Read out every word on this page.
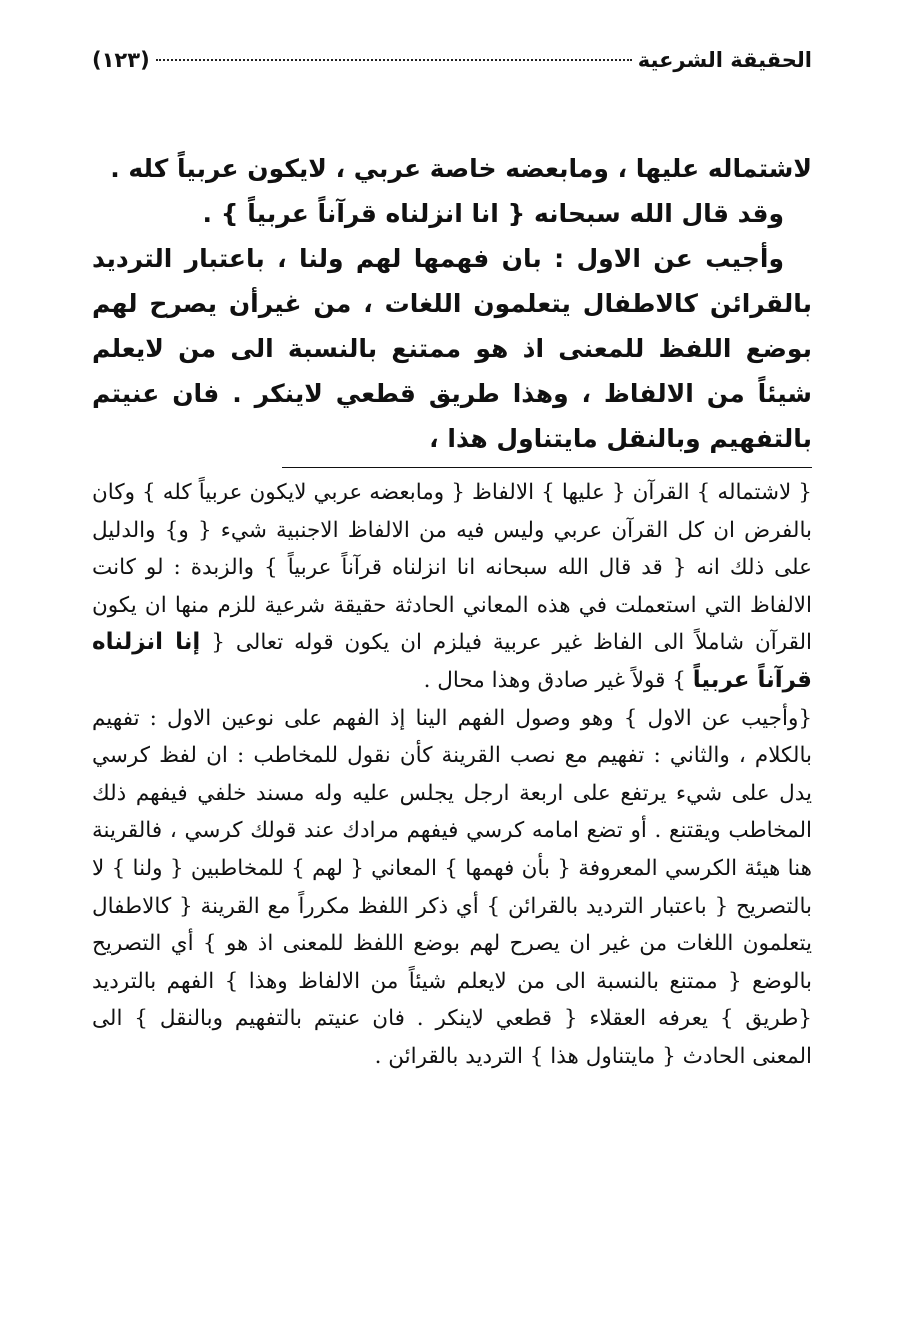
الحقيقة الشرعية
(١٢٣)

لاشتماله عليها ، ومابعضه خاصة عربي ، لايكون عربياً كله .

وقد قال الله سبحانه { انا انزلناه قرآناً عربياً } .

وأجيب عن الاول : بان فهمها لهم ولنا ، باعتبار الترديد بالقرائن كالاطفال يتعلمون اللغات ، من غيرأن يصرح لهم بوضع اللفظ للمعنى اذ هو ممتنع بالنسبة الى من لايعلم شيئاً من الالفاظ ، وهذا طريق قطعي لاينكر . فان عنيتم بالتفهيم وبالنقل مايتناول هذا ،

{ لاشتماله } القرآن { عليها } الالفاظ { ومابعضه عربي لايكون عربياً كله } وكان بالفرض ان كل القرآن عربي وليس فيه من الالفاظ الاجنبية شيء { و} والدليل على ذلك انه { قد قال الله سبحانه انا انزلناه قرآناً عربياً } والزبدة : لو كانت الالفاظ التي استعملت في هذه المعاني الحادثة حقيقة شرعية للزم منها ان يكون القرآن شاملاً الى الفاظ غير عربية فيلزم ان يكون قوله تعالى { إنا انزلناه قرآناً عربياً } قولاً غير صادق وهذا محال .

{وأجيب عن الاول } وهو وصول الفهم الينا إذ الفهم على نوعين الاول : تفهيم بالكلام ، والثاني : تفهيم مع نصب القرينة كأن نقول للمخاطب : ان لفظ كرسي يدل على شيء يرتفع على اربعة ارجل يجلس عليه وله مسند خلفي فيفهم ذلك المخاطب ويقتنع . أو تضع امامه كرسي فيفهم مرادك عند قولك كرسي ، فالقرينة هنا هيئة الكرسي المعروفة { بأن فهمها } المعاني { لهم } للمخاطبين { ولنا } لا بالتصريح { باعتبار الترديد بالقرائن } أي ذكر اللفظ مكرراً مع القرينة { كالاطفال يتعلمون اللغات من غير ان يصرح لهم بوضع اللفظ للمعنى اذ هو } أي التصريح بالوضع { ممتنع بالنسبة الى من لايعلم شيئاً من الالفاظ وهذا } الفهم بالترديد {طريق } يعرفه العقلاء { قطعي لاينكر . فان عنيتم بالتفهيم وبالنقل } الى المعنى الحادث { مايتناول هذا } الترديد بالقرائن .
